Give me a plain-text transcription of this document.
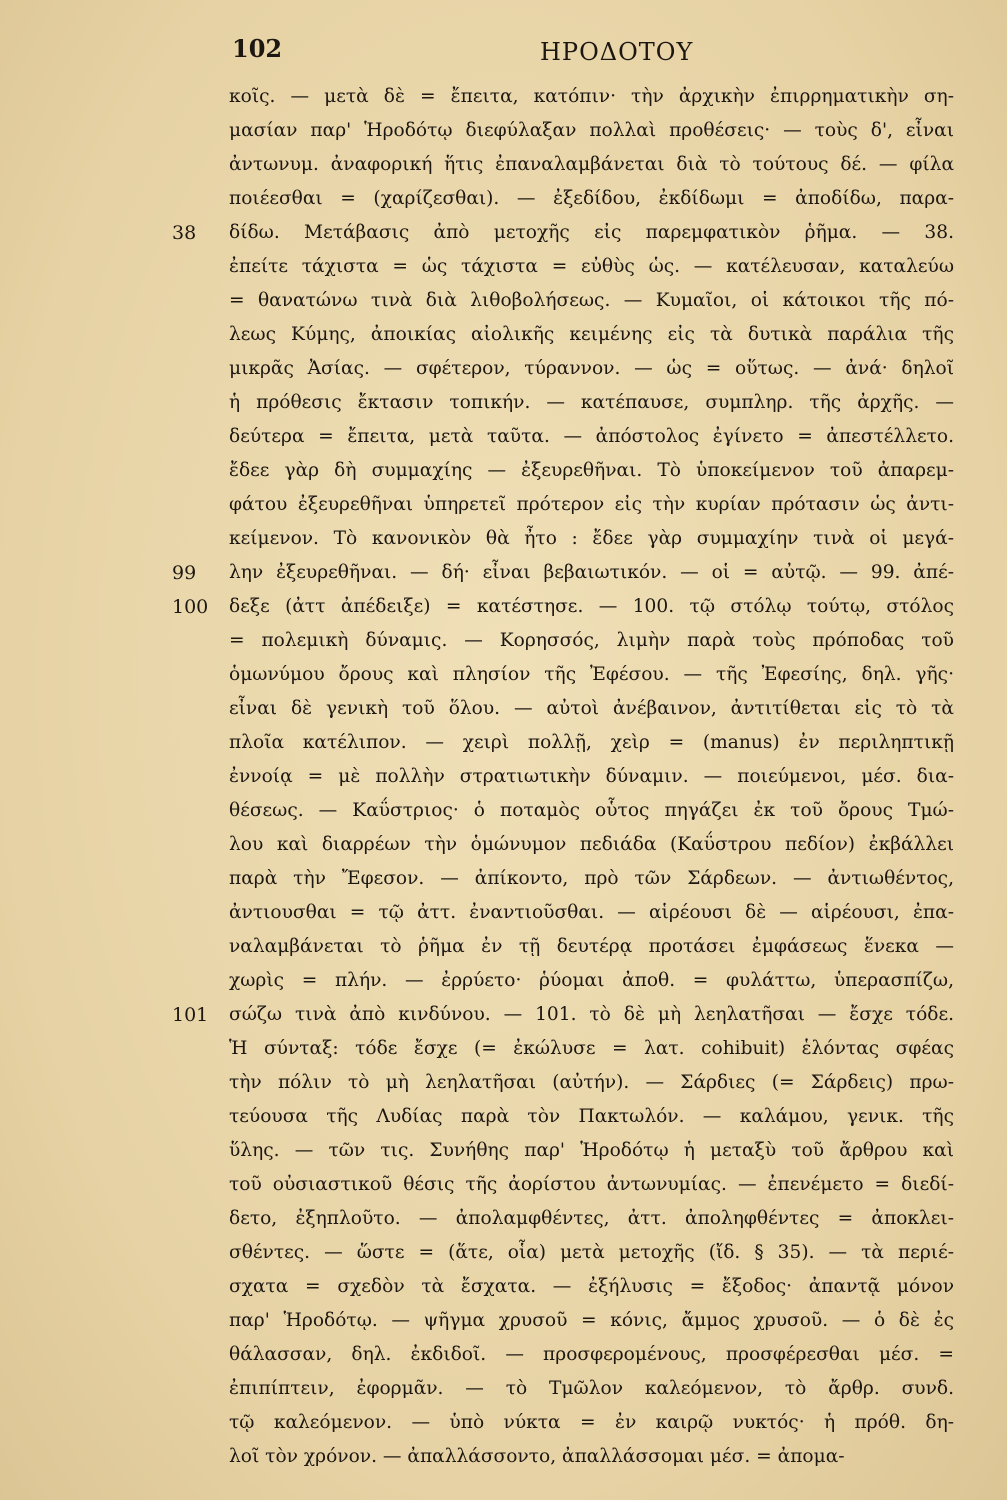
102	ΗΡΟΔΟΤΟΥ
κοῖς. — μετὰ δὲ = ἔπειτα, κατόπιν· τὴν ἀρχικὴν ἐπιρρηματικὴν ση-
μασίαν παρ' Ἡροδότῳ διεφύλαξαν πολλαὶ προθέσεις· — τοὺς δ', εἶναι
ἀντωνυμ. ἀναφορική ἥτις ἐπαναλαμβάνεται διὰ τὸ τούτους δέ. — φίλα
ποιέεσθαι = (χαρίζεσθαι). — ἐξεδίδου, ἐκδίδωμι = ἀποδίδω, παρα-
δίδω. Μετάβασις ἀπὸ μετοχῆς εἰς παρεμφατικὸν ῥῆμα. — 38.
ἐπείτε τάχιστα = ὡς τάχιστα = εὐθὺς ὡς. — κατέλευσαν, καταλεύω
= θανατώνω τινὰ διὰ λιθοβολήσεως. — Κυμαῖοι, οἱ κάτοικοι τῆς πό-
λεως Κύμης, ἀποικίας αἰολικῆς κειμένης εἰς τὰ δυτικὰ παράλια τῆς
μικρᾶς Ἀσίας. — σφέτερον, τύραννον. — ὡς = οὕτως. — ἀνά· δηλοῖ
ἡ πρόθεσις ἔκτασιν τοπικήν. — κατέπαυσε, συμπληρ. τῆς ἀρχῆς. —
δεύτερα = ἔπειτα, μετὰ ταῦτα. — ἀπόστολος ἐγίνετο = ἀπεστέλλετο.
ἔδεε γὰρ δὴ συμμαχίης — ἐξευρεθῆναι. Τὸ ὑποκείμενον τοῦ ἀπαρεμ-
φάτου ἐξευρεθῆναι ὑπηρετεῖ πρότερον εἰς τὴν κυρίαν πρότασιν ὡς ἀντι-
κείμενον. Τὸ κανονικὸν θὰ ἦτο : ἔδεε γὰρ συμμαχίην τινὰ οἱ μεγά-
λην ἐξευρεθῆναι. — δή· εἶναι βεβαιωτικόν. — οἱ = αὐτῷ. — 99. ἀπέ-
δεξε (ἀττ ἀπέδειξε) = κατέστησε. — 100. τῷ στόλῳ τούτῳ, στόλος
= πολεμικὴ δύναμις. — Κορησσός, λιμὴν παρὰ τοὺς πρόποδας τοῦ
ὁμωνύμου ὄρους καὶ πλησίον τῆς Ἐφέσου. — τῆς Ἐφεσίης, δηλ. γῆς·
εἶναι δὲ γενικὴ τοῦ ὅλου. — αὐτοὶ ἀνέβαινον, ἀντιτίθεται εἰς τὸ τὰ
πλοῖα κατέλιπον. — χειρὶ πολλῇ, χεὶρ = (manus) ἐν περιληπτικῇ
ἐννοίᾳ = μὲ πολλὴν στρατιωτικὴν δύναμιν. — ποιεύμενοι, μέσ. δια-
θέσεως. — Καΰστριος· ὁ ποταμὸς οὗτος πηγάζει ἐκ τοῦ ὄρους Τμώ-
λου καὶ διαρρέων τὴν ὁμώνυμον πεδιάδα (Καΰστρου πεδίον) ἐκβάλλει
παρὰ τὴν Ἔφεσον. — ἀπίκοντο, πρὸ τῶν Σάρδεων. — ἀντιωθέντος,
ἀντιουσθαι = τῷ ἀττ. ἐναντιοῦσθαι. — αἱρέουσι δὲ — αἱρέουσι, ἐπα-
ναλαμβάνεται τὸ ῥῆμα ἐν τῇ δευτέρᾳ προτάσει ἐμφάσεως ἕνεκα —
χωρὶς = πλήν. — ἐρρύετο· ῥύομαι ἀποθ. = φυλάττω, ὑπερασπίζω,
σώζω τινὰ ἀπὸ κινδύνου. — 101. τὸ δὲ μὴ λεηλατῆσαι — ἔσχε τόδε.
Ἡ σύνταξ: τόδε ἔσχε (= ἐκώλυσε = λατ. cohibuit) ἑλόντας σφέας
τὴν πόλιν τὸ μὴ λεηλατῆσαι (αὐτήν). — Σάρδιες (= Σάρδεις) πρω-
τεύουσα τῆς Λυδίας παρὰ τὸν Πακτωλόν. — καλάμου, γενικ. τῆς
ὕλης. — τῶν τις. Συνήθης παρ' Ἡροδότῳ ἡ μεταξὺ τοῦ ἄρθρου καὶ
τοῦ οὐσιαστικοῦ θέσις τῆς ἀορίστου ἀντωνυμίας. — ἐπενέμετο = διεδί-
δετο, ἐξηπλοῦτο. — ἀπολαμφθέντες, ἀττ. ἀποληφθέντες = ἀποκλει-
σθέντες. — ὥστε = (ἅτε, οἷα) μετὰ μετοχῆς (ἴδ. § 35). — τὰ περιέ-
σχατα = σχεδὸν τὰ ἔσχατα. — ἐξήλυσις = ἔξοδος· ἀπαντᾷ μόνον
παρ' Ἡροδότῳ. — ψῆγμα χρυσοῦ = κόνις, ἄμμος χρυσοῦ. — ὁ δὲ ἐς
θάλασσαν, δηλ. ἐκδιδοῖ. — προσφερομένους, προσφέρεσθαι μέσ. =
ἐπιπίπτειν, ἐφορμᾶν. — τὸ Τμῶλον καλεόμενον, τὸ ἄρθρ. συνδ.
τῷ καλεόμενον. — ὑπὸ νύκτα = ἐν καιρῷ νυκτός· ἡ πρόθ. δη-
λοῖ τὸν χρόνον. — ἀπαλλάσσοντο, ἀπαλλάσσομαι μέσ. = ἀπομα-
38
99
100
101
